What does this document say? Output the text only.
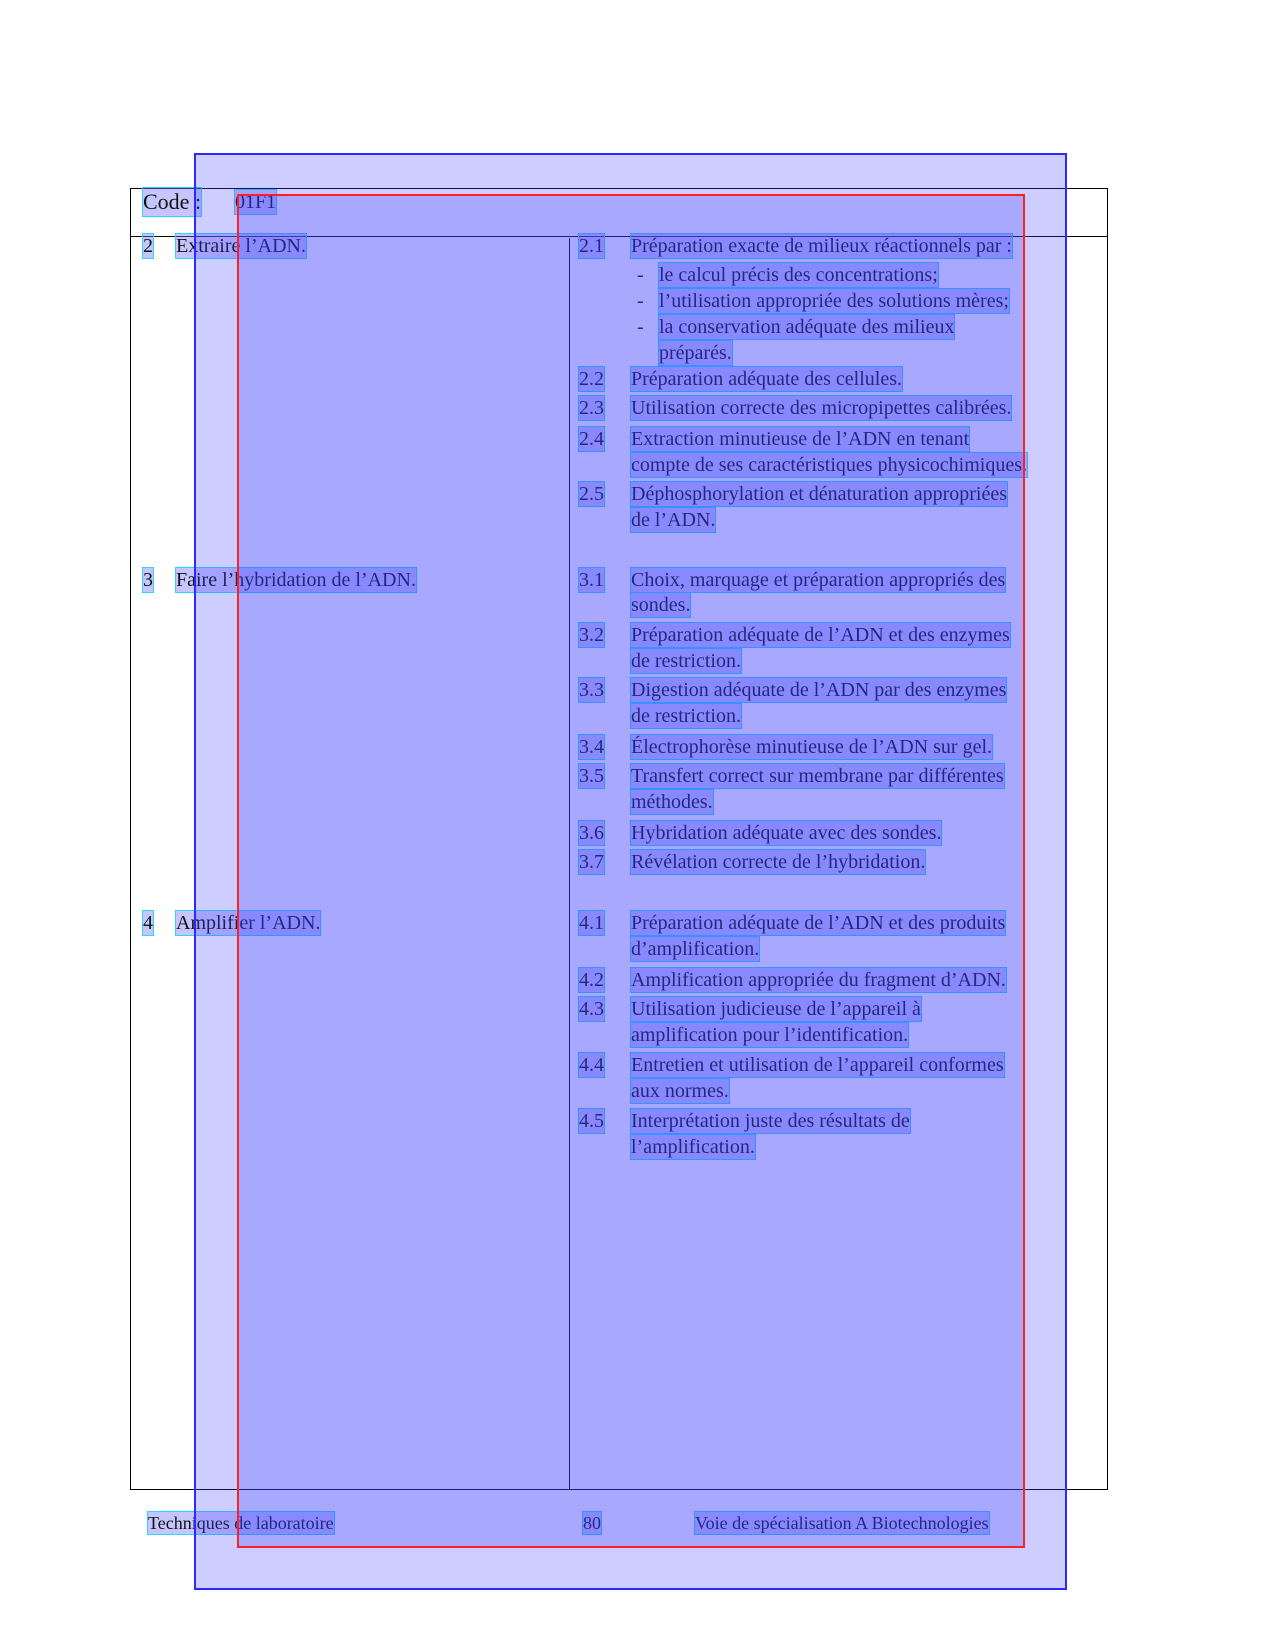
Code : 01F1
2 Extraire l’ADN.	2.1 Préparation exacte de milieux réactionnels par :
- le calcul précis des concentrations;
- l’utilisation appropriée des solutions mères;
- la conservation adéquate des milieux
préparés.
2.2 Préparation adéquate des cellules.
2.3 Utilisation correcte des micropipettes calibrées.
2.4 Extraction minutieuse de l’ADN en tenant
compte de ses caractéristiques physicochimiques.
2.5 Déphosphorylation et dénaturation appropriées
de l’ADN.
3 Faire l’hybridation de l’ADN.	3.1 Choix, marquage et préparation appropriés des
sondes.
3.2 Préparation adéquate de l’ADN et des enzymes
de restriction.
3.3 Digestion adéquate de l’ADN par des enzymes
de restriction.
3.4 Électrophorèse minutieuse de l’ADN sur gel.
3.5 Transfert correct sur membrane par différentes
méthodes.
3.6 Hybridation adéquate avec des sondes.
3.7 Révélation correcte de l’hybridation.
4 Amplifier l’ADN.	4.1 Préparation adéquate de l’ADN et des produits
d’amplification.
4.2 Amplification appropriée du fragment d’ADN.
4.3 Utilisation judicieuse de l’appareil à
amplification pour l’identification.
4.4 Entretien et utilisation de l’appareil conformes
aux normes.
4.5 Interprétation juste des résultats de
l’amplification.
Techniques de laboratoire	80	Voie de spécialisation A Biotechnologies
